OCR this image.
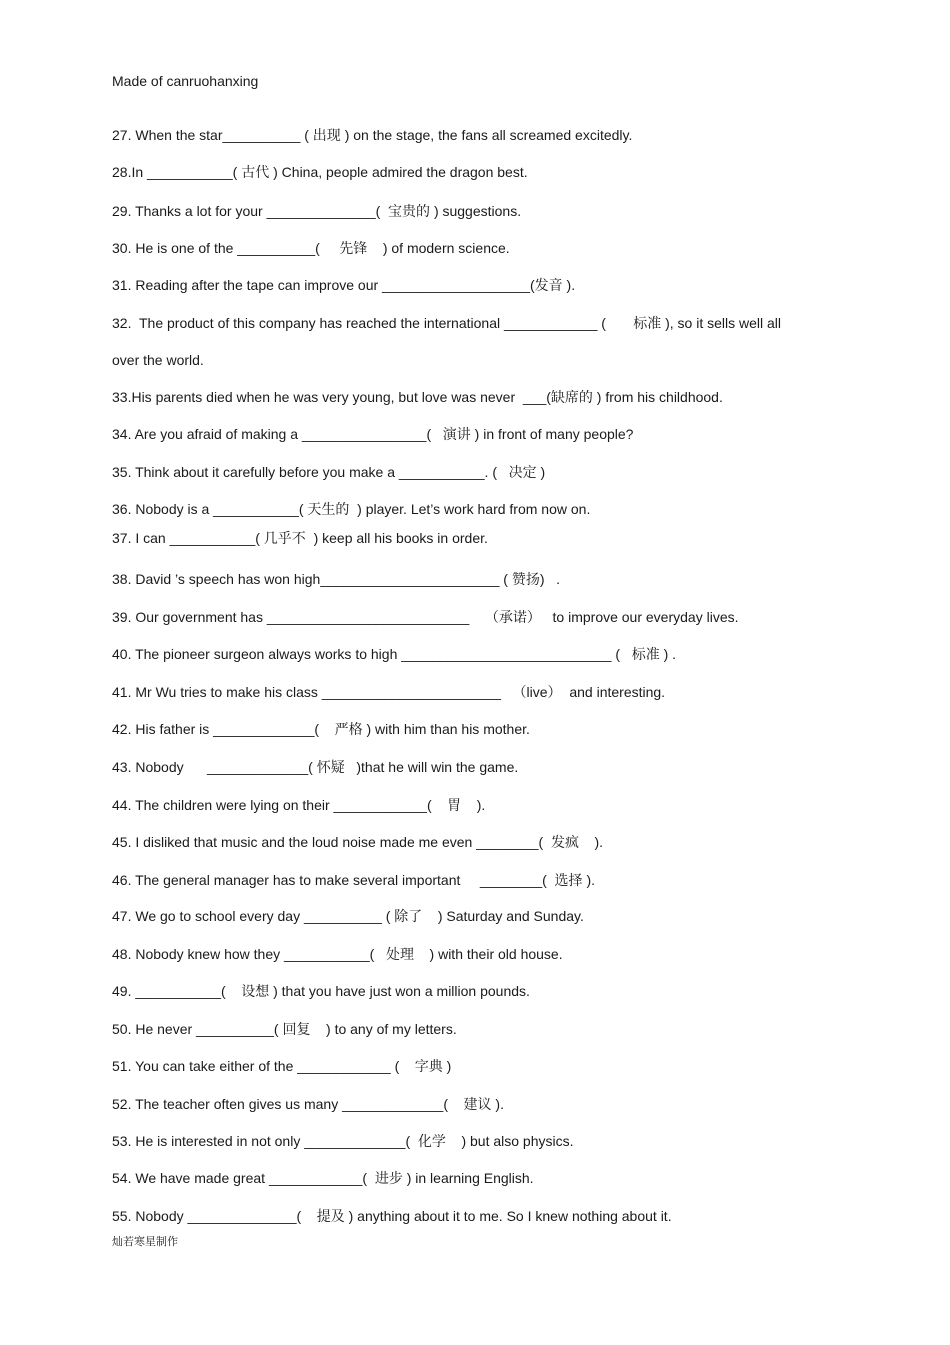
Made of canruohanxing
27. When the star__________ ( 出现 ) on the stage, the fans all screamed excitedly.
28.In ___________( 古代 ) China, people admired the dragon best.
29. Thanks a lot for your ______________(  宝贵的 ) suggestions.
30. He is one of the __________(     先锋    ) of modern science.
31. Reading after the tape can improve our ___________________(发音 ).
32.  The product of this company has reached the international ____________ (       标准 ), so it sells well all
over the world.
33.His parents died when he was very young, but love was never  ___(缺席的 ) from his childhood.
34. Are you afraid of making a ________________(   演讲 ) in front of many people?
35. Think about it carefully before you make a ___________. (   决定 )
36. Nobody is a ___________( 天生的  ) player. Let’s work hard from now on.
37. I can ___________( 几乎不  ) keep all his books in order.
38. David ’s speech has won high_______________________ ( 赞扬)   .
39. Our government has __________________________    （承诺）   to improve our everyday lives.
40. The pioneer surgeon always works to high ___________________________ (   标准 ) .
41. Mr Wu tries to make his class _______________________   （live）  and interesting.
42. His father is _____________(    严格 ) with him than his mother.
43. Nobody      _____________( 怀疑   )that he will win the game.
44. The children were lying on their ____________(    胃    ).
45. I disliked that music and the loud noise made me even ________(  发疯    ).
46. The general manager has to make several important     ________(  选择 ).
47. We go to school every day __________ ( 除了    ) Saturday and Sunday.
48. Nobody knew how they ___________(   处理    ) with their old house.
49. ___________(    设想 ) that you have just won a million pounds.
50. He never __________( 回复    ) to any of my letters.
51. You can take either of the ____________ (    字典 )
52. The teacher often gives us many _____________(    建议 ).
53. He is interested in not only _____________(  化学    ) but also physics.
54. We have made great ____________(  进步 ) in learning English.
55. Nobody ______________(    提及 ) anything about it to me. So I knew nothing about it.
灿若寒星制作
